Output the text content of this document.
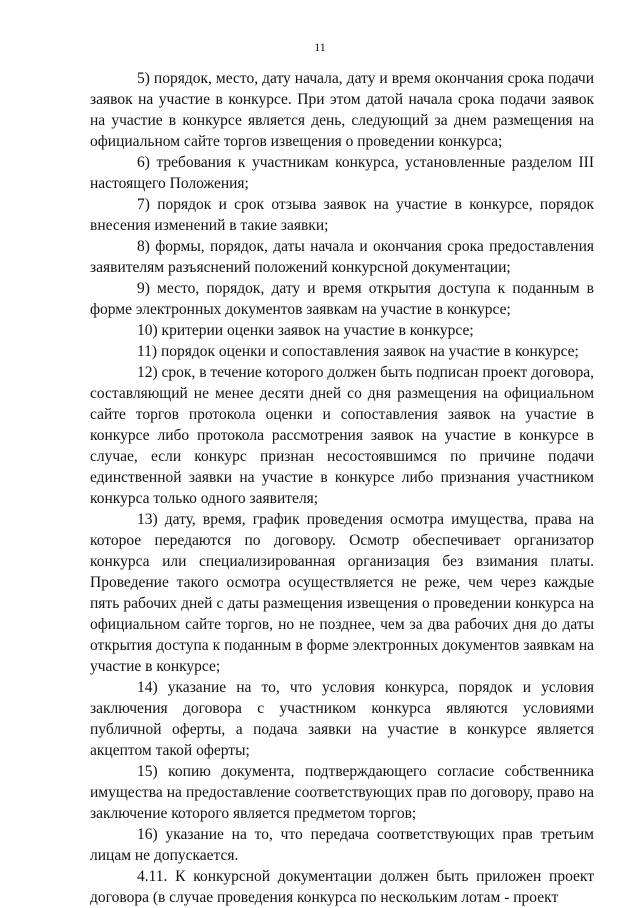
11

5) порядок, место, дату начала, дату и время окончания срока подачи заявок на участие в конкурсе. При этом датой начала срока подачи заявок на участие в конкурсе является день, следующий за днем размещения на официальном сайте торгов извещения о проведении конкурса;

6) требования к участникам конкурса, установленные разделом III настоящего Положения;

7) порядок и срок отзыва заявок на участие в конкурсе, порядок внесения изменений в такие заявки;

8) формы, порядок, даты начала и окончания срока предоставления заявителям разъяснений положений конкурсной документации;

9) место, порядок, дату и время открытия доступа к поданным в форме электронных документов заявкам на участие в конкурсе;

10) критерии оценки заявок на участие в конкурсе;

11) порядок оценки и сопоставления заявок на участие в конкурсе;

12) срок, в течение которого должен быть подписан проект договора, составляющий не менее десяти дней со дня размещения на официальном сайте торгов протокола оценки и сопоставления заявок на участие в конкурсе либо протокола рассмотрения заявок на участие в конкурсе в случае, если конкурс признан несостоявшимся по причине подачи единственной заявки на участие в конкурсе либо признания участником конкурса только одного заявителя;

13) дату, время, график проведения осмотра имущества, права на которое передаются по договору. Осмотр обеспечивает организатор конкурса или специализированная организация без взимания платы. Проведение такого осмотра осуществляется не реже, чем через каждые пять рабочих дней с даты размещения извещения о проведении конкурса на официальном сайте торгов, но не позднее, чем за два рабочих дня до даты открытия доступа к поданным в форме электронных документов заявкам на участие в конкурсе;

14) указание на то, что условия конкурса, порядок и условия заключения договора с участником конкурса являются условиями публичной оферты, а подача заявки на участие в конкурсе является акцептом такой оферты;

15) копию документа, подтверждающего согласие собственника имущества на предоставление соответствующих прав по договору, право на заключение которого является предметом торгов;

16) указание на то, что передача соответствующих прав третьим лицам не допускается.

4.11. К конкурсной документации должен быть приложен проект договора (в случае проведения конкурса по нескольким лотам - проект
